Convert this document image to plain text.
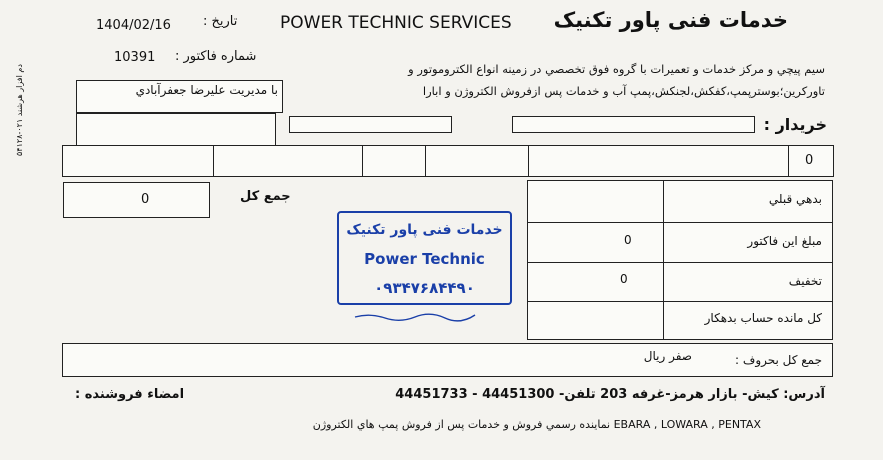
دم افزار هرشند ۰۲۱-۵۴۱۲۸
خدمات فنی پاور تکنیک
POWER TECHNIC SERVICES
تاریخ :
1404/02/16
شماره فاکتور :
10391
سيم پيچي و مرکز خدمات و تعميرات با گروه فوق تخصصي در زمينه انواع الکتروموتور و
تاورکرين؛بوسترپمپ،کفکش،لجنکش،پمپ آب و خدمات پس ازفروش الکتروژن و ابارا
با مديريت عليرضا جعفرآبادي
خريدار :
0
0	جمع کل	بدهي قبلي
مبلغ اين فاکتور
0
تخفيف
0
کل مانده حساب بدهکار
خدمات فنی پاور تکنیک
Power Technic
۰۹۳۴۷۶۸۴۴۹۰
جمع کل بحروف :
صفر ريال
آدرس: کيش- بازار هرمز-غرفه 203 تلفن- 44451300 - 44451733
امضاء فروشنده :
EBARA , LOWARA , PENTAX نماينده رسمي فروش و خدمات پس از فروش پمپ هاي الکتروژن
